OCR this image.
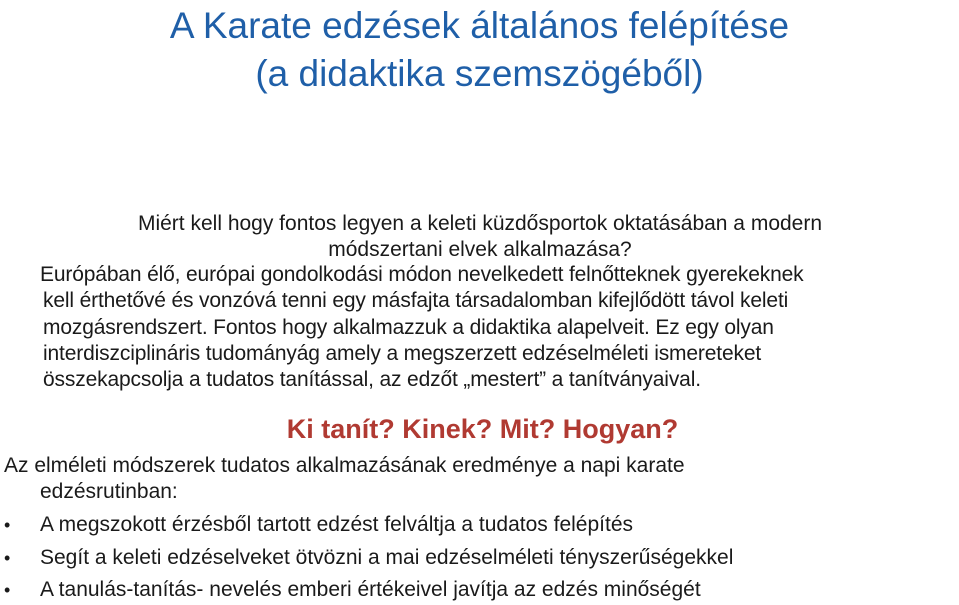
A Karate edzések általános felépítése
(a didaktika szemszögéből)

Miért kell hogy fontos legyen a keleti küzdősportok oktatásában a modern
módszertani elvek alkalmazása?

Európában élő, európai gondolkodási módon nevelkedett felnőtteknek gyerekeknek
kell érthetővé és vonzóvá tenni egy másfajta társadalomban kifejlődött távol keleti
mozgásrendszert. Fontos hogy alkalmazzuk a didaktika alapelveit. Ez egy olyan
interdiszciplináris tudományág amely a megszerzett edzéselméleti ismereteket
összekapcsolja a tudatos tanítással, az edzőt „mestert” a tanítványaival.

Ki tanít? Kinek? Mit? Hogyan?

Az elméleti módszerek tudatos alkalmazásának eredménye a napi karate
edzésrutinban:

•	A megszokott érzésből tartott edzést felváltja a tudatos felépítés
•	Segít a keleti edzéselveket ötvözni a mai edzéselméleti tényszerűségekkel
•	A tanulás-tanítás- nevelés emberi értékeivel javítja az edzés minőségét
